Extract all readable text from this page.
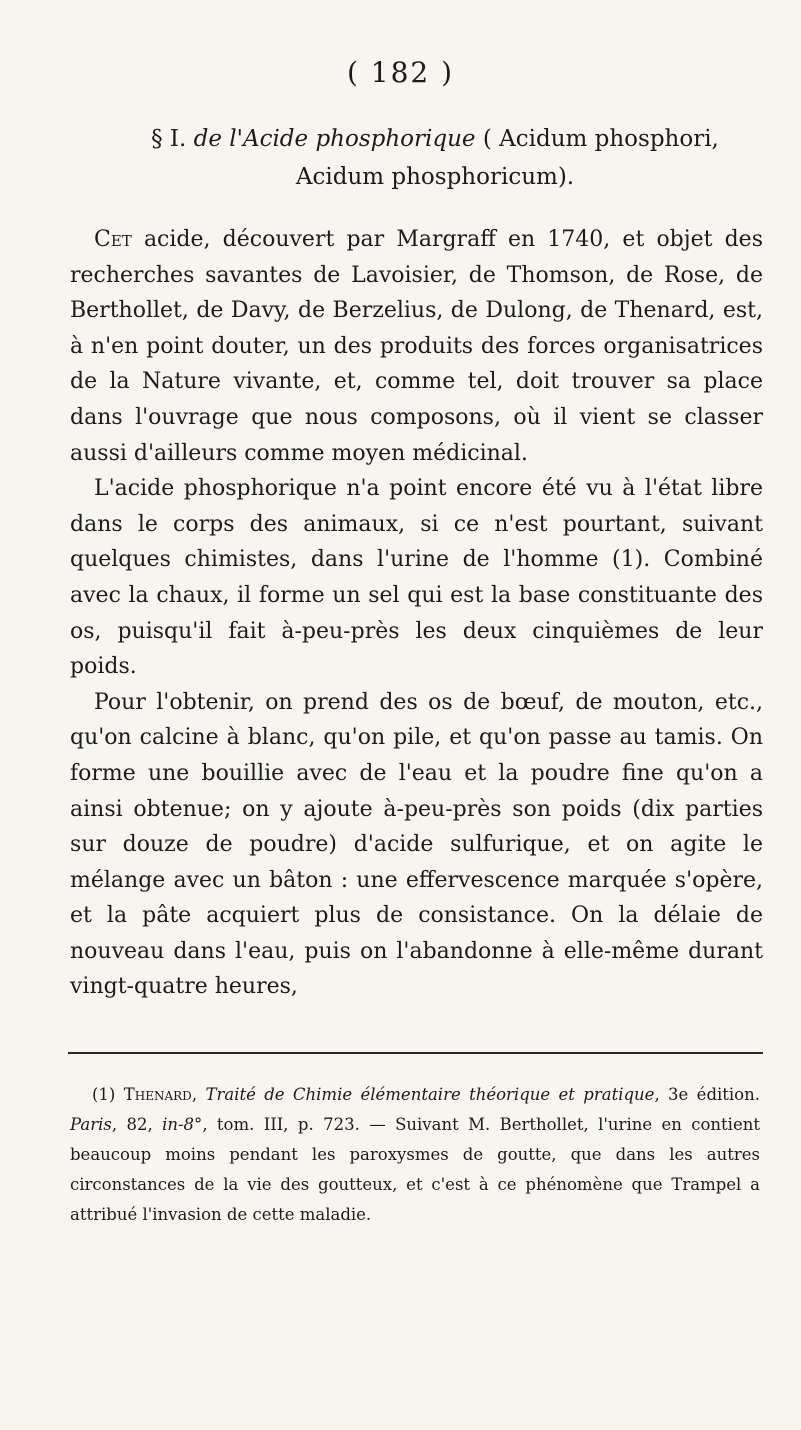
( 182 )
§ I. de l'Acide phosphorique ( Acidum phosphori, Acidum phosphoricum).

Cet acide, découvert par Margraff en 1740, et objet des recherches savantes de Lavoisier, de Thomson, de Rose, de Berthollet, de Davy, de Berzelius, de Dulong, de Thenard, est, à n'en point douter, un des produits des forces organisatrices de la Nature vivante, et, comme tel, doit trouver sa place dans l'ouvrage que nous composons, où il vient se classer aussi d'ailleurs comme moyen médicinal.

L'acide phosphorique n'a point encore été vu à l'état libre dans le corps des animaux, si ce n'est pourtant, suivant quelques chimistes, dans l'urine de l'homme (1). Combiné avec la chaux, il forme un sel qui est la base constituante des os, puisqu'il fait à-peu-près les deux cinquièmes de leur poids.

Pour l'obtenir, on prend des os de bœuf, de mouton, etc., qu'on calcine à blanc, qu'on pile, et qu'on passe au tamis. On forme une bouillie avec de l'eau et la poudre fine qu'on a ainsi obtenue; on y ajoute à-peu-près son poids (dix parties sur douze de poudre) d'acide sulfurique, et on agite le mélange avec un bâton : une effervescence marquée s'opère, et la pâte acquiert plus de consistance. On la délaie de nouveau dans l'eau, puis on l'abandonne à elle-même durant vingt-quatre heures,

(1) Thenard, Traité de Chimie élémentaire théorique et pratique, 3e édition. Paris, 82, in-8°, tom. III, p. 723. — Suivant M. Berthollet, l'urine en contient beaucoup moins pendant les paroxysmes de goutte, que dans les autres circonstances de la vie des goutteux, et c'est à ce phénomène que Trampel a attribué l'invasion de cette maladie.
